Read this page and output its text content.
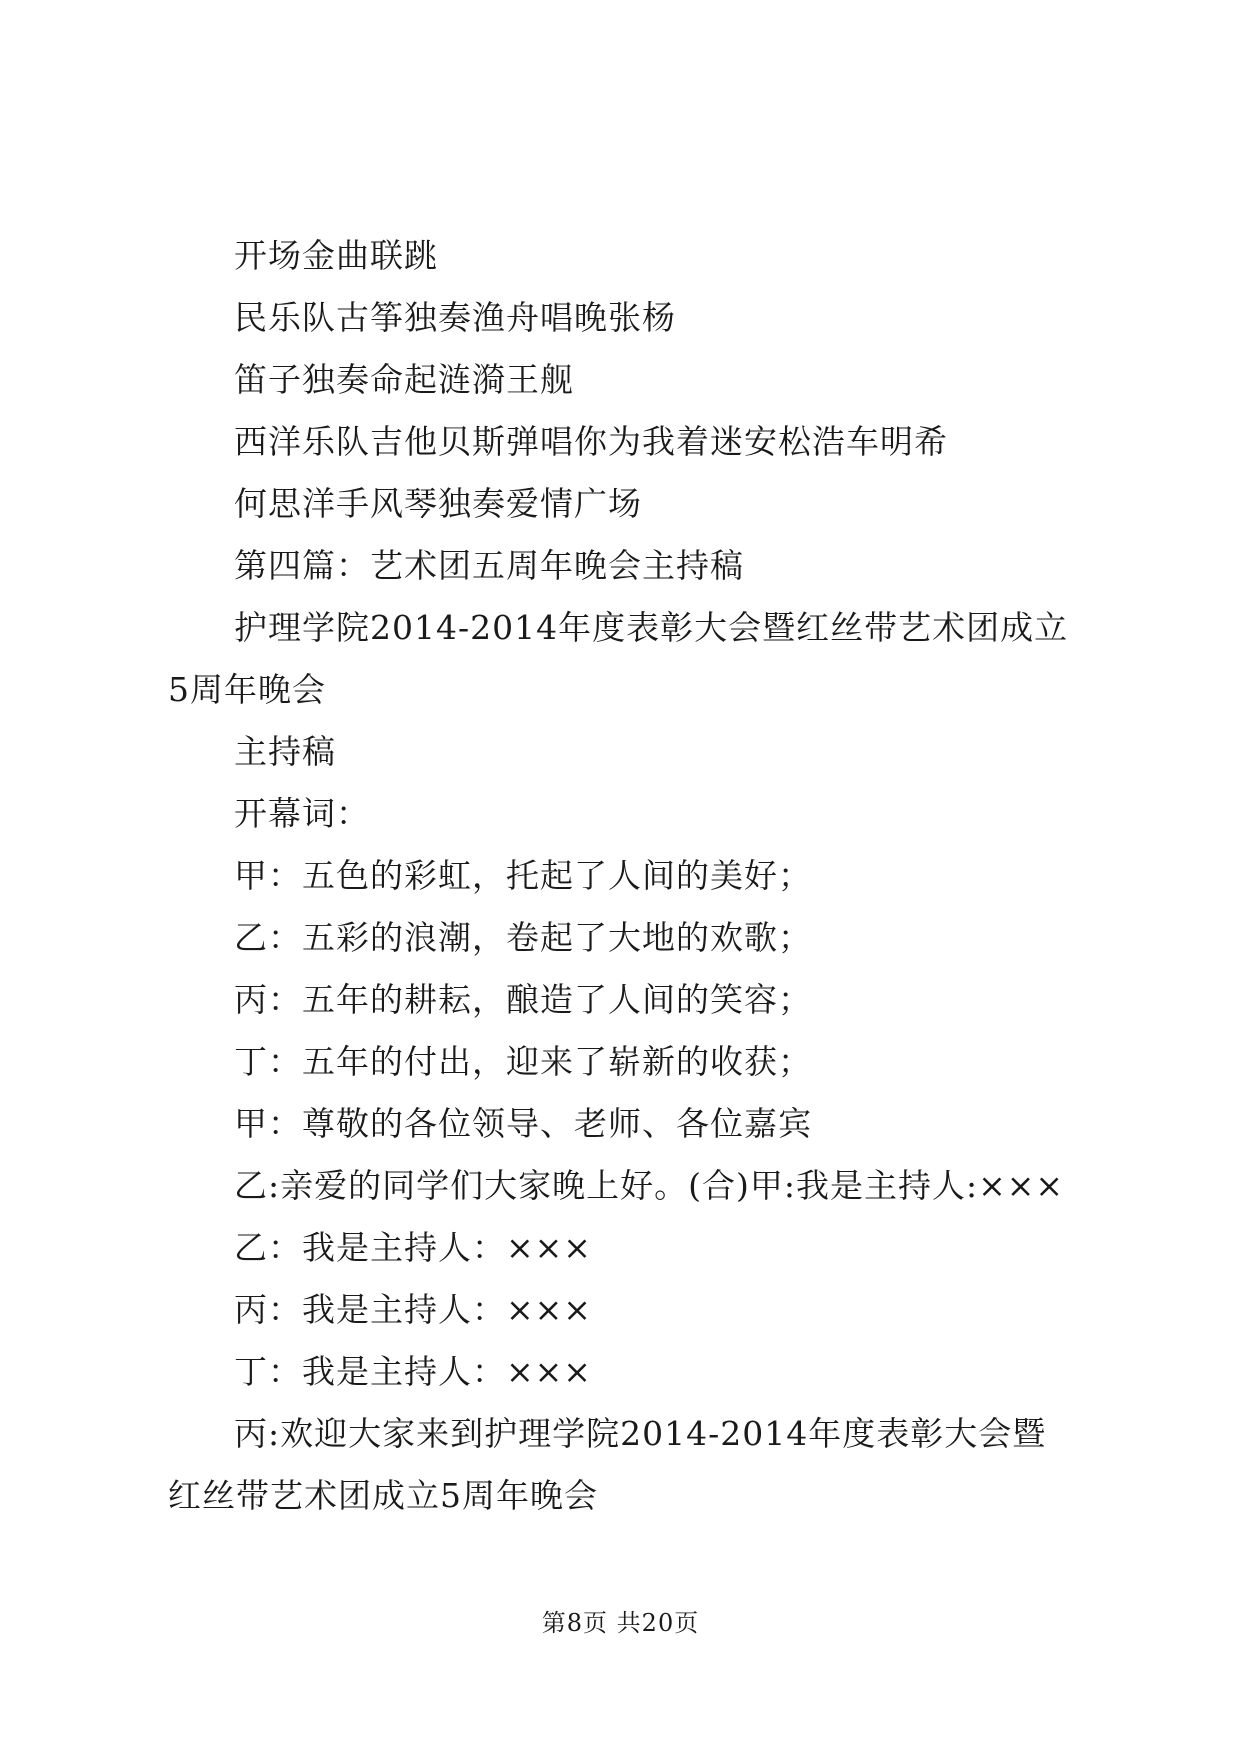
开场金曲联跳

民乐队古筝独奏渔舟唱晚张杨

笛子独奏命起涟漪王舰

西洋乐队吉他贝斯弹唱你为我着迷安松浩车明希

何思洋手风琴独奏爱情广场

第四篇：艺术团五周年晚会主持稿

护理学院2014-2014年度表彰大会暨红丝带艺术团成立5周年晚会

主持稿

开幕词：

甲：五色的彩虹，托起了人间的美好；

乙：五彩的浪潮，卷起了大地的欢歌；

丙：五年的耕耘，酿造了人间的笑容；

丁：五年的付出，迎来了崭新的收获；

甲：尊敬的各位领导、老师、各位嘉宾

乙:亲爱的同学们大家晚上好。(合)甲:我是主持人:×××

乙：我是主持人：×××

丙：我是主持人：×××

丁：我是主持人：×××

丙:欢迎大家来到护理学院2014-2014年度表彰大会暨红丝带艺术团成立5周年晚会

第8页 共20页
